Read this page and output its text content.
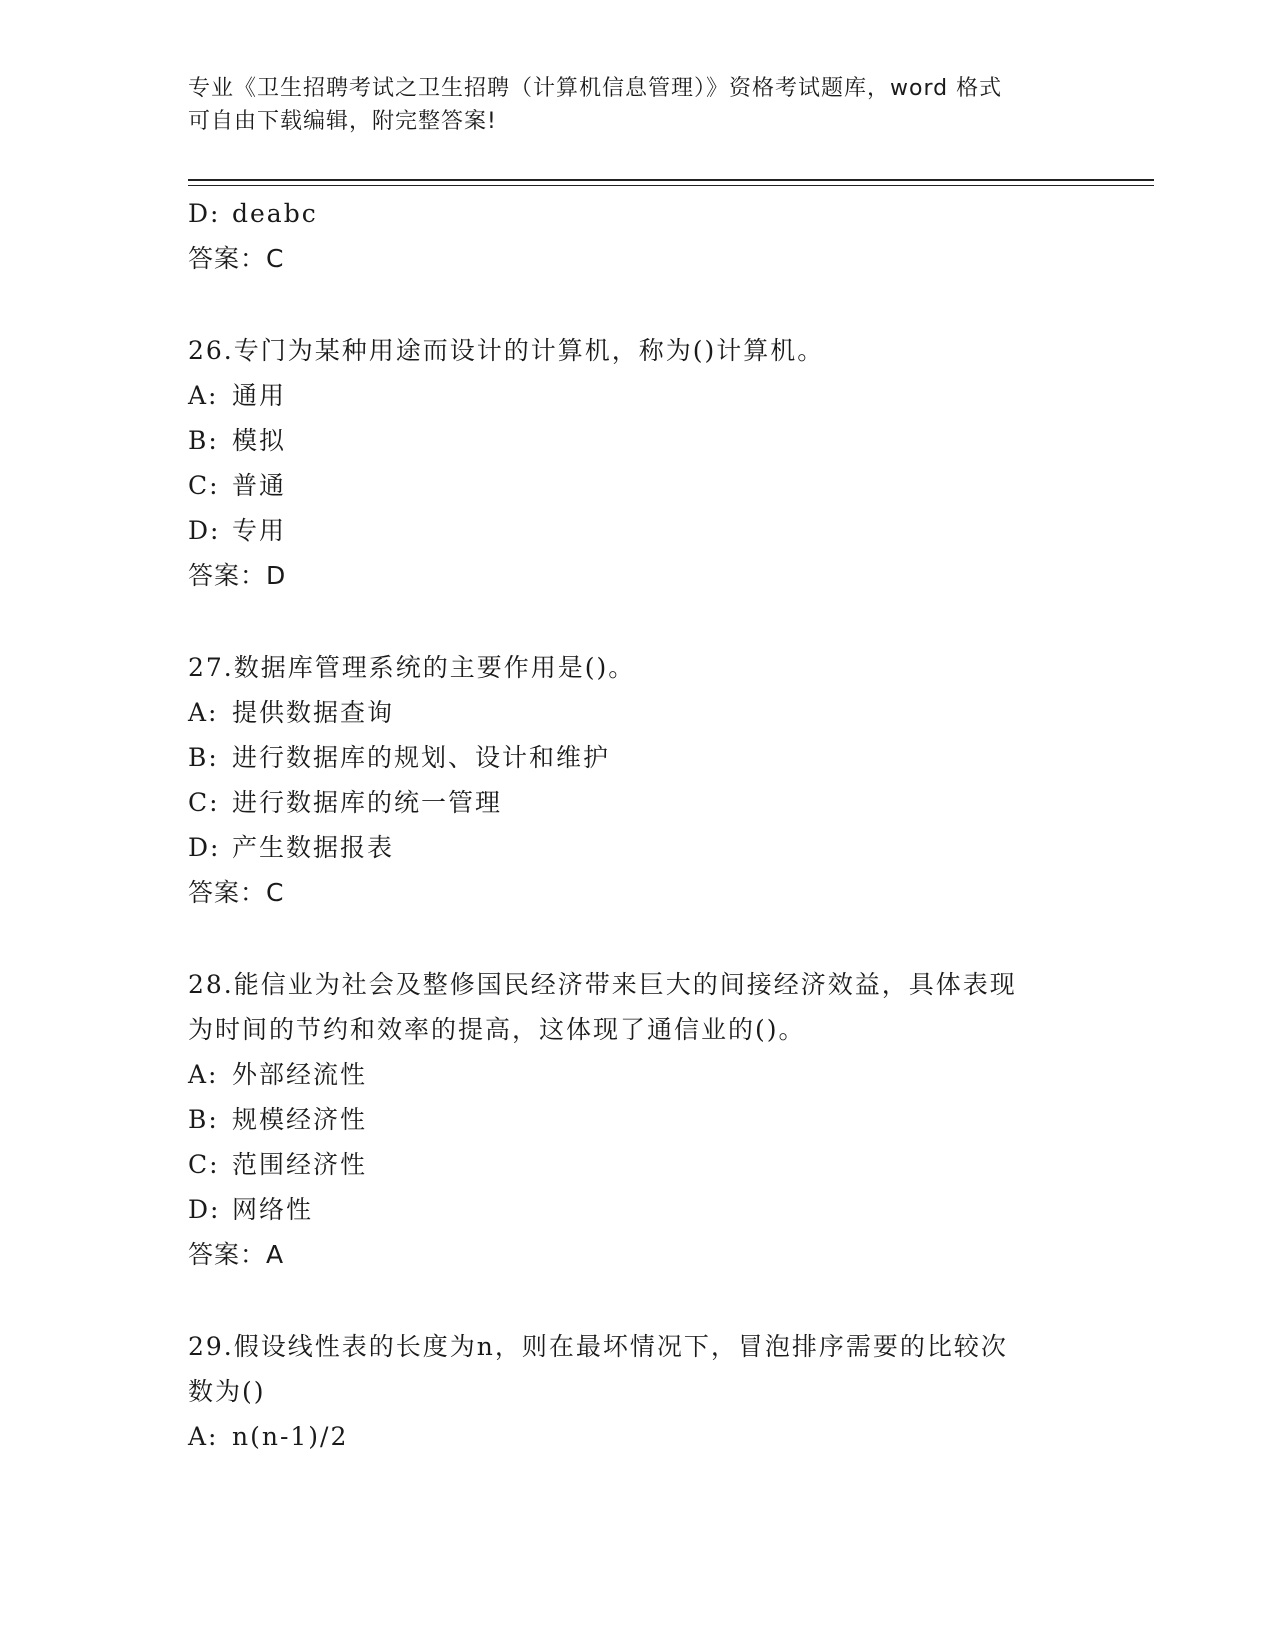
专业《卫生招聘考试之卫生招聘（计算机信息管理）》资格考试题库，word 格式
可自由下载编辑，附完整答案!
D: deabc
答案：C
26.专门为某种用途而设计的计算机，称为()计算机。
A: 通用
B: 模拟
C: 普通
D: 专用
答案：D
27.数据库管理系统的主要作用是()。
A: 提供数据查询
B: 进行数据库的规划、设计和维护
C: 进行数据库的统一管理
D: 产生数据报表
答案：C
28.能信业为社会及整修国民经济带来巨大的间接经济效益，具体表现
为时间的节约和效率的提高，这体现了通信业的()。
A: 外部经流性
B: 规模经济性
C: 范围经济性
D: 网络性
答案：A
29.假设线性表的长度为n，则在最坏情况下，冒泡排序需要的比较次
数为()
A: n(n-1)/2
